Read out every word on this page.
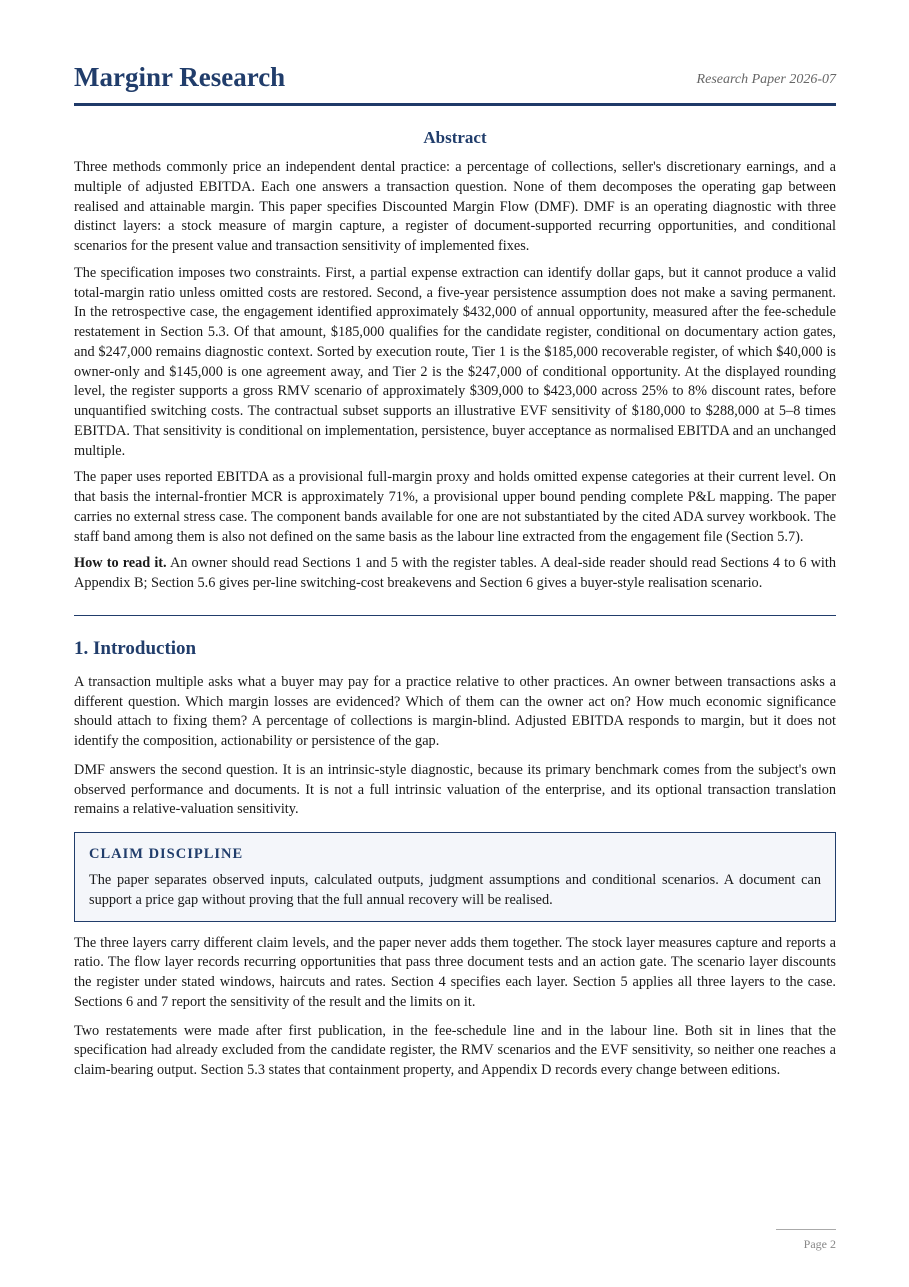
Marginr Research	Research Paper 2026-07
Abstract

Three methods commonly price an independent dental practice: a percentage of collections, seller's discretionary earnings, and a multiple of adjusted EBITDA. Each one answers a transaction question. None of them decomposes the operating gap between realised and attainable margin. This paper specifies Discounted Margin Flow (DMF). DMF is an operating diagnostic with three distinct layers: a stock measure of margin capture, a register of document-supported recurring opportunities, and conditional scenarios for the present value and transaction sensitivity of implemented fixes.

The specification imposes two constraints. First, a partial expense extraction can identify dollar gaps, but it cannot produce a valid total-margin ratio unless omitted costs are restored. Second, a five-year persistence assumption does not make a saving permanent. In the retrospective case, the engagement identified approximately $432,000 of annual opportunity, measured after the fee-schedule restatement in Section 5.3. Of that amount, $185,000 qualifies for the candidate register, conditional on documentary action gates, and $247,000 remains diagnostic context. Sorted by execution route, Tier 1 is the $185,000 recoverable register, of which $40,000 is owner-only and $145,000 is one agreement away, and Tier 2 is the $247,000 of conditional opportunity. At the displayed rounding level, the register supports a gross RMV scenario of approximately $309,000 to $423,000 across 25% to 8% discount rates, before unquantified switching costs. The contractual subset supports an illustrative EVF sensitivity of $180,000 to $288,000 at 5–8 times EBITDA. That sensitivity is conditional on implementation, persistence, buyer acceptance as normalised EBITDA and an unchanged multiple.

The paper uses reported EBITDA as a provisional full-margin proxy and holds omitted expense categories at their current level. On that basis the internal-frontier MCR is approximately 71%, a provisional upper bound pending complete P&L mapping. The paper carries no external stress case. The component bands available for one are not substantiated by the cited ADA survey workbook. The staff band among them is also not defined on the same basis as the labour line extracted from the engagement file (Section 5.7).

How to read it. An owner should read Sections 1 and 5 with the register tables. A deal-side reader should read Sections 4 to 6 with Appendix B; Section 5.6 gives per-line switching-cost breakevens and Section 6 gives a buyer-style realisation scenario.

1. Introduction

A transaction multiple asks what a buyer may pay for a practice relative to other practices. An owner between transactions asks a different question. Which margin losses are evidenced? Which of them can the owner act on? How much economic significance should attach to fixing them? A percentage of collections is margin-blind. Adjusted EBITDA responds to margin, but it does not identify the composition, actionability or persistence of the gap.

DMF answers the second question. It is an intrinsic-style diagnostic, because its primary benchmark comes from the subject's own observed performance and documents. It is not a full intrinsic valuation of the enterprise, and its optional transaction translation remains a relative-valuation sensitivity.

CLAIM DISCIPLINE

The paper separates observed inputs, calculated outputs, judgment assumptions and conditional scenarios. A document can support a price gap without proving that the full annual recovery will be realised.

The three layers carry different claim levels, and the paper never adds them together. The stock layer measures capture and reports a ratio. The flow layer records recurring opportunities that pass three document tests and an action gate. The scenario layer discounts the register under stated windows, haircuts and rates. Section 4 specifies each layer. Section 5 applies all three layers to the case. Sections 6 and 7 report the sensitivity of the result and the limits on it.

Two restatements were made after first publication, in the fee-schedule line and in the labour line. Both sit in lines that the specification had already excluded from the candidate register, the RMV scenarios and the EVF sensitivity, so neither one reaches a claim-bearing output. Section 5.3 states that containment property, and Appendix D records every change between editions.

Page 2
